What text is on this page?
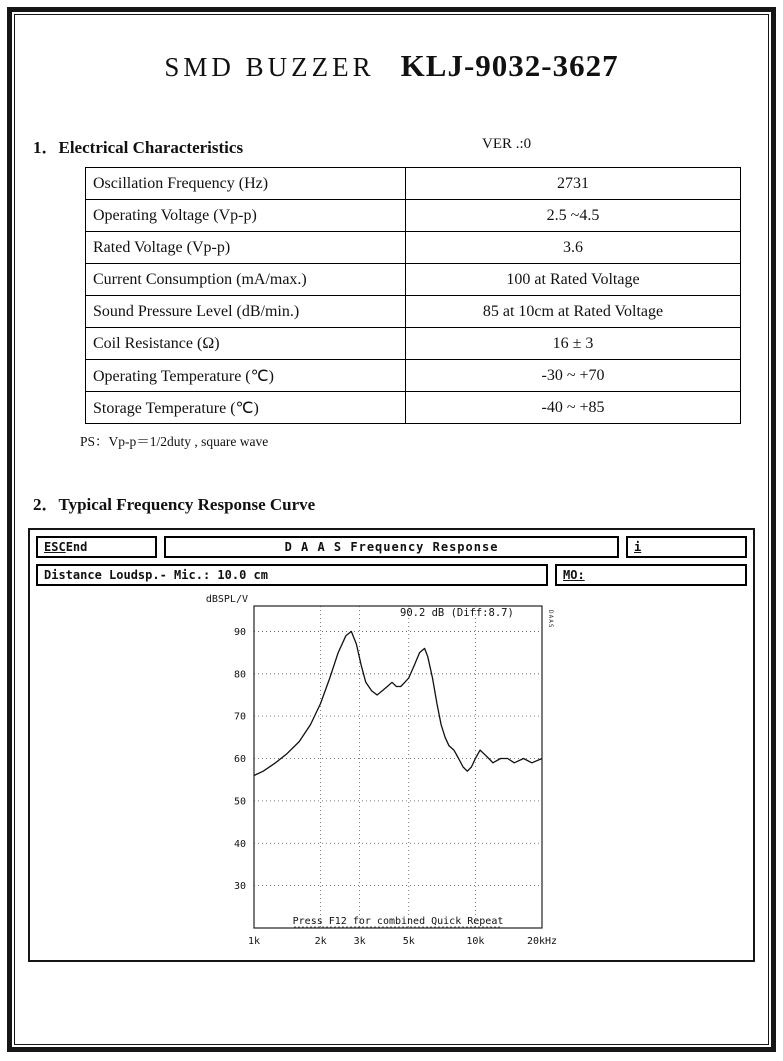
SMD BUZZER KLJ-9032-3627
1．Electrical Characteristics	VER .:0
Oscillation Frequency (Hz)	2731
Operating Voltage (Vp-p)	2.5 ~4.5
Rated Voltage (Vp-p)	3.6
Current Consumption (mA/max.)	100 at Rated Voltage
Sound Pressure Level (dB/min.)	85 at 10cm at Rated Voltage
Coil Resistance (Ω)	16 ± 3
Operating Temperature (℃)	-30 ~ +70
Storage Temperature (℃)	-40 ~ +85
PS：Vp-p＝1/2duty , square wave
2．Typical Frequency Response Curve
ESC End	D A A S Frequency Response	i
Distance Loudsp.- Mic.: 10.0 cm	MO:
90
80
70
60
50
40
30
1k	2k	3k	5k	10k	20kHz
dBSPL/V
90.2 dB (Diff:8.7)	DAAS
Press F12 for combined Quick Repeat
